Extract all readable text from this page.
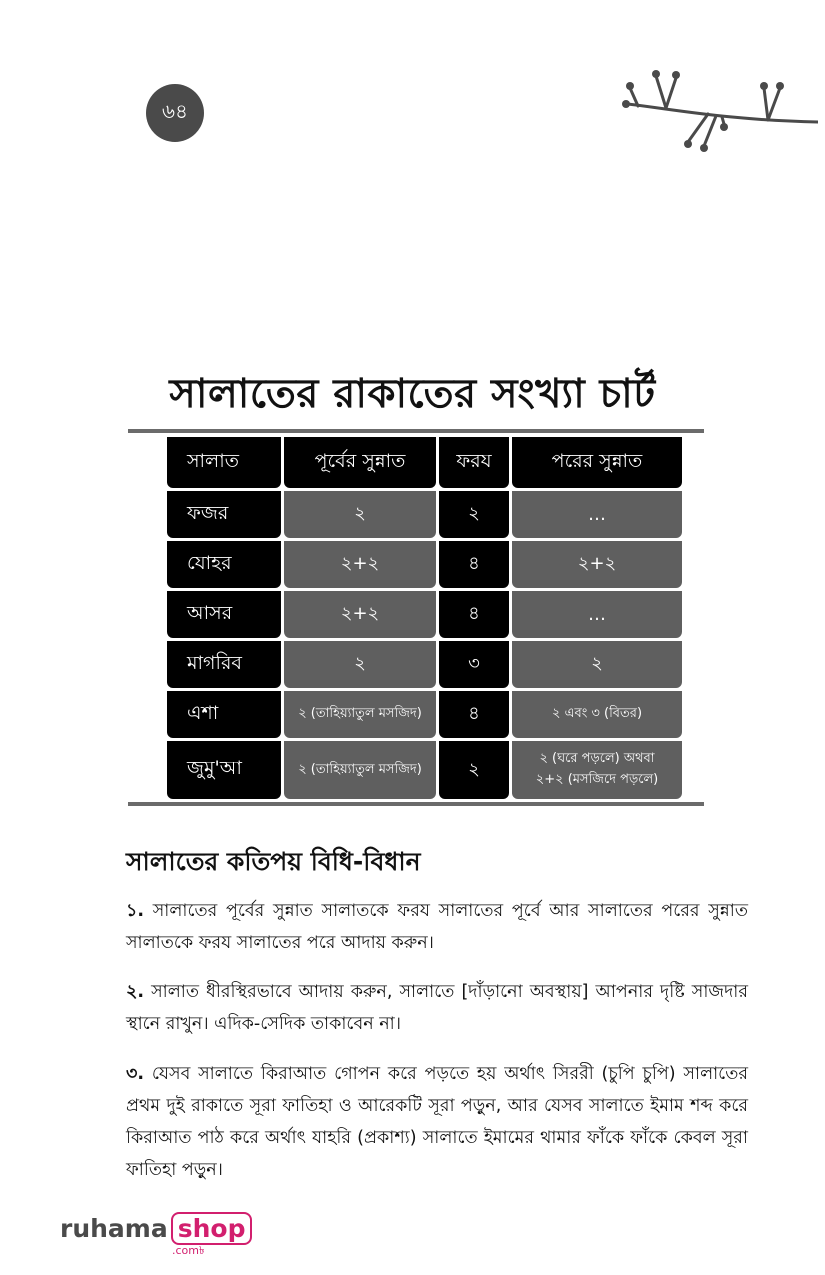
৬৪
সালাতের রাকাতের সংখ্যা চার্ট
সালাত	পূর্বের সুন্নাত	ফরয	পরের সুন্নাত
ফজর	২	২	…
যোহর	২+২	৪	২+২
আসর	২+২	৪	…
মাগরিব	২	৩	২
এশা	২ (তাহিয়্যাতুল মসজিদ)	৪	২ এবং ৩ (বিতর)
জুমু'আ	২ (তাহিয়্যাতুল মসজিদ)	২	২ (ঘরে পড়লে) অথবা
২+২ (মসজিদে পড়লে)
সালাতের কতিপয় বিধি-বিধান
১. সালাতের পূর্বের সুন্নাত সালাতকে ফরয সালাতের পূর্বে আর সালাতের পরের সুন্নাত সালাতকে ফরয সালাতের পরে আদায় করুন।
২. সালাত ধীরস্থিরভাবে আদায় করুন, সালাতে [দাঁড়ানো অবস্থায়] আপনার দৃষ্টি সাজদার স্থানে রাখুন। এদিক-সেদিক তাকাবেন না।
৩. যেসব সালাতে কিরাআত গোপন করে পড়তে হয় অর্থাৎ সিররী (চুপি চুপি) সালাতের প্রথম দুই রাকাতে সূরা ফাতিহা ও আরেকটি সূরা পড়ুন, আর যেসব সালাতে ইমাম শব্দ করে কিরাআত পাঠ করে অর্থাৎ যাহরি (প্রকাশ্য) সালাতে ইমামের থামার ফাঁকে ফাঁকে কেবল সূরা ফাতিহা পড়ুন।
ruhama shop
.com৳
